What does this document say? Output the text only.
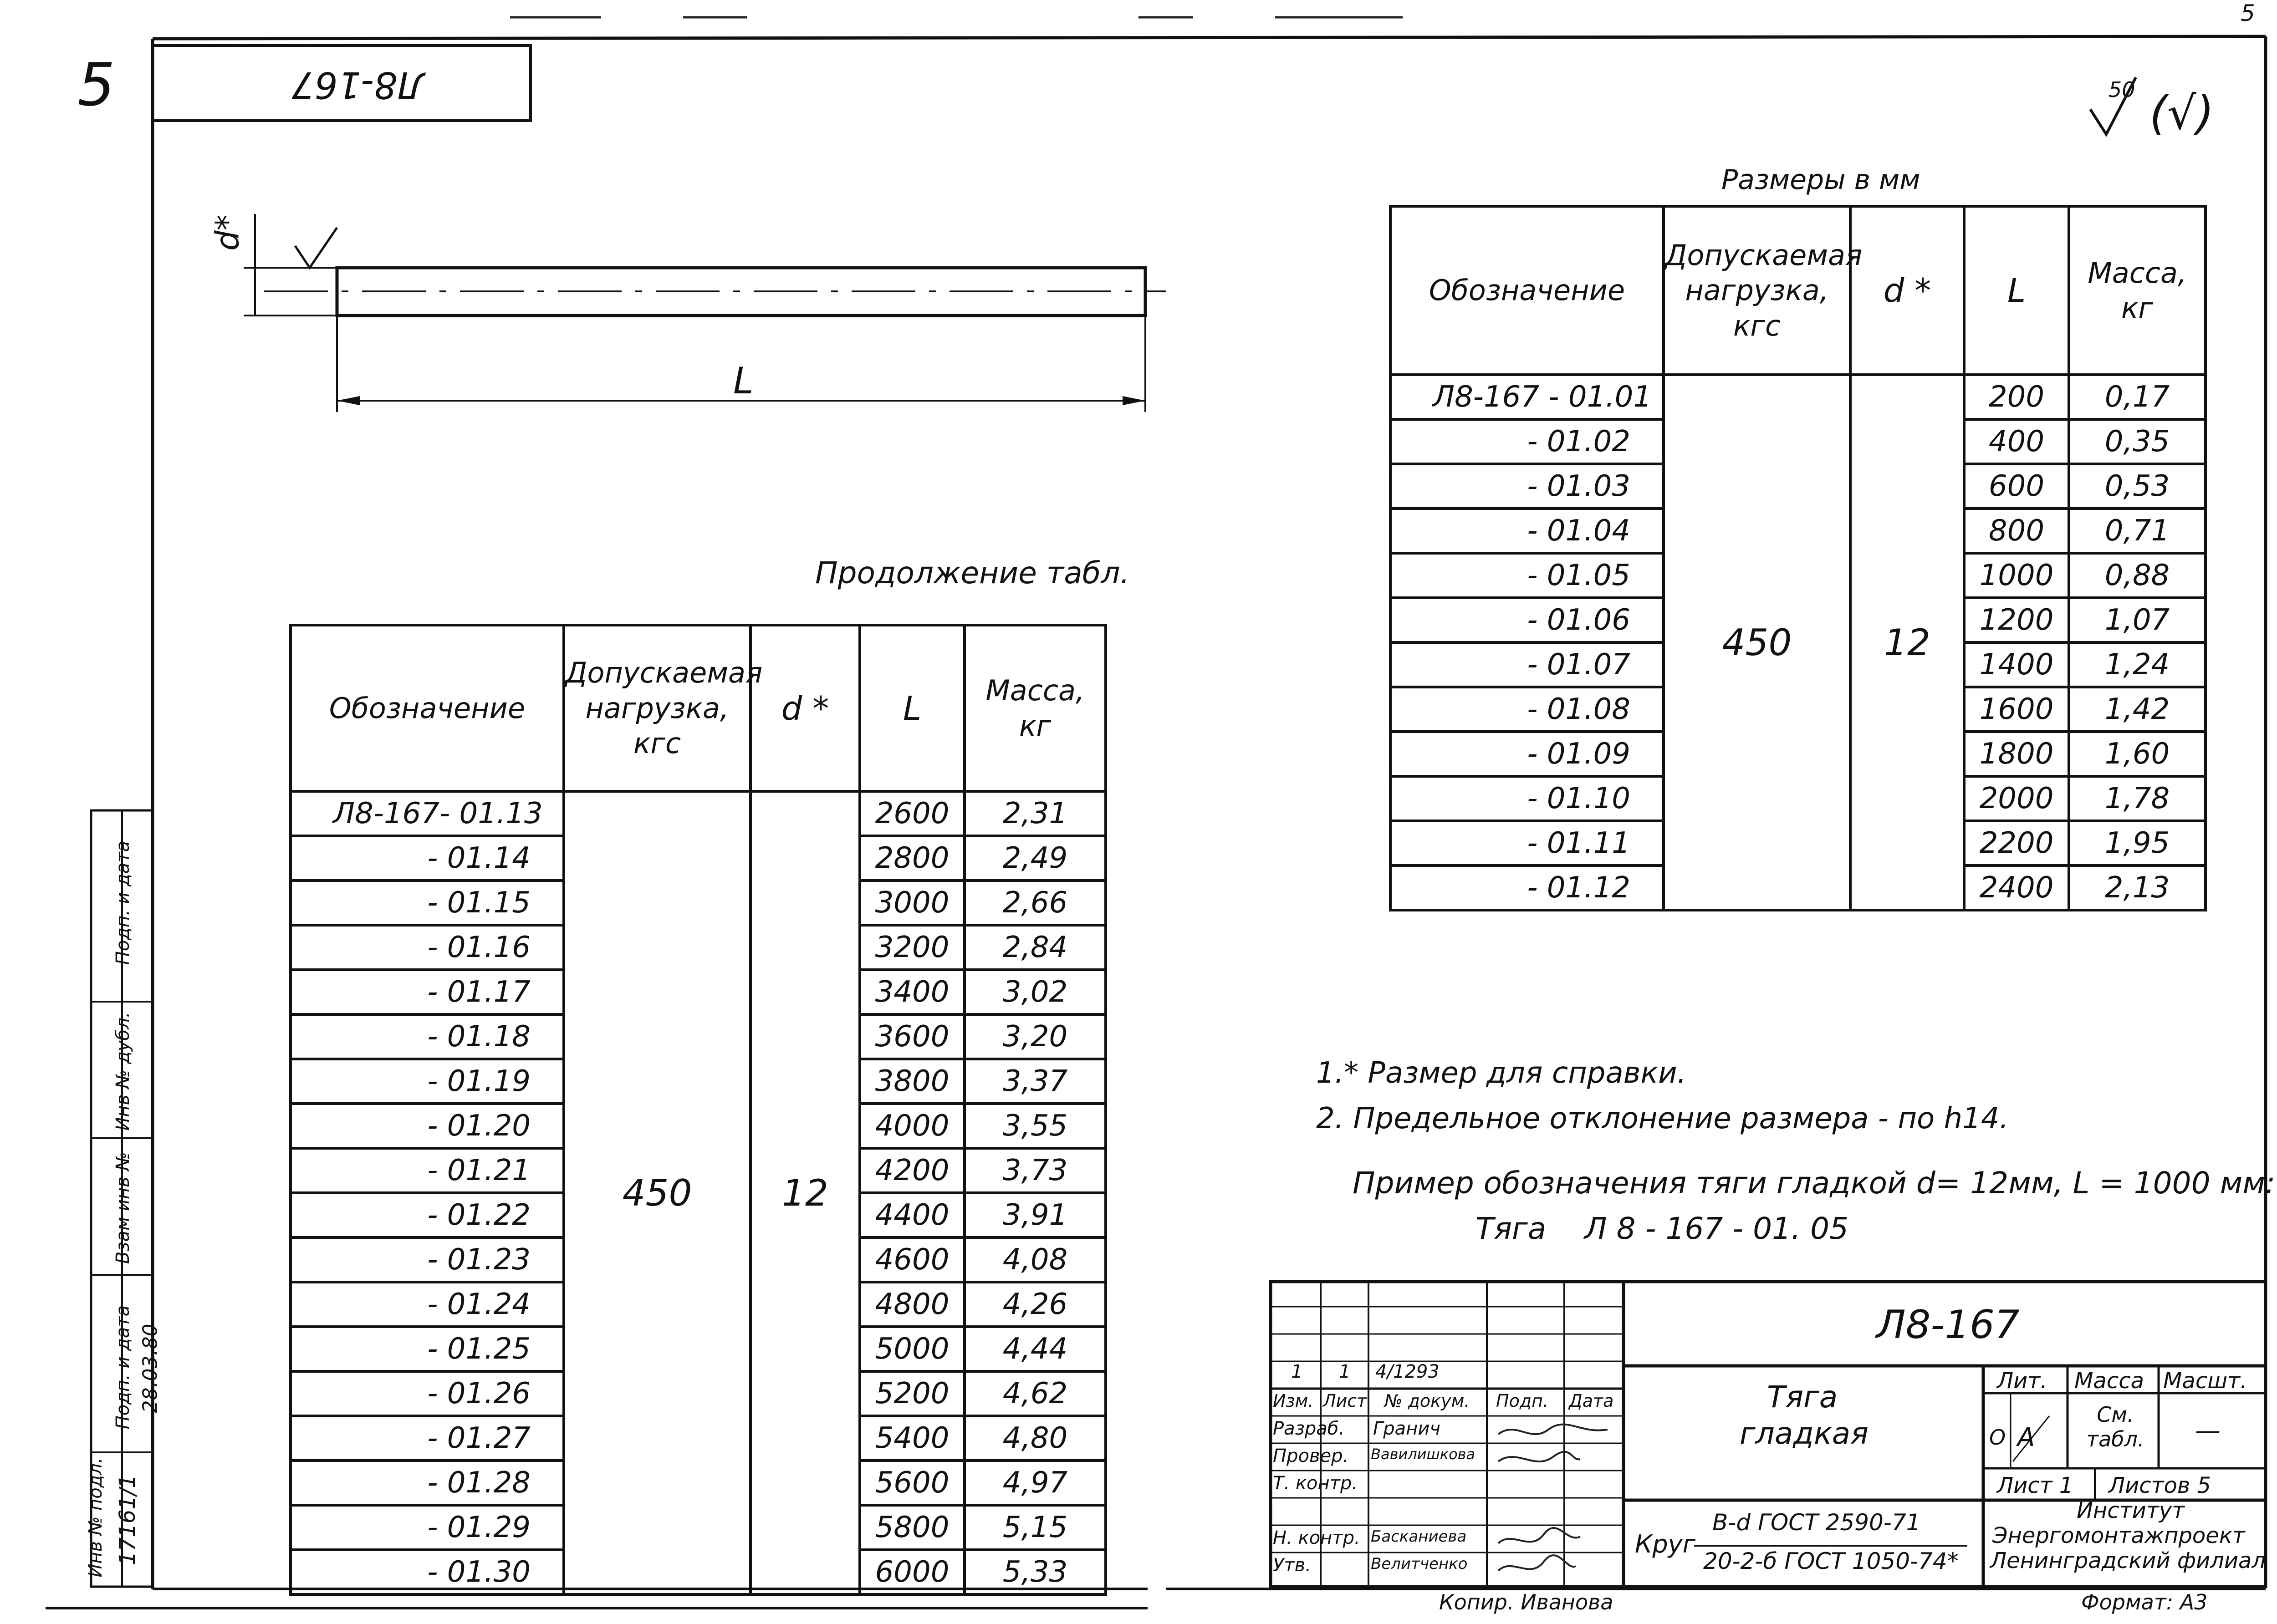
5
5
Л8-167	50 (√)
d*
L
Размеры в мм
Обозначение	Допускаемая нагрузка, кгс	d *	L	Масса, кг
Л8-167 - 01.01	450	12	200	0,17
- 01.02			400	0,35
- 01.03			600	0,53
- 01.04			800	0,71
- 01.05			1000	0,88
- 01.06			1200	1,07
- 01.07			1400	1,24
- 01.08			1600	1,42
- 01.09			1800	1,60
- 01.10			2000	1,78
- 01.11			2200	1,95
- 01.12			2400	2,13
Продолжение табл.
Обозначение	Допускаемая нагрузка, кгс	d *	L	Масса, кг
Л8-167- 01.13	450	12	2600	2,31
- 01.14			2800	2,49
- 01.15			3000	2,66
- 01.16			3200	2,84
- 01.17			3400	3,02
- 01.18			3600	3,20
- 01.19			3800	3,37
- 01.20			4000	3,55
- 01.21			4200	3,73
- 01.22			4400	3,91
- 01.23			4600	4,08
- 01.24			4800	4,26
- 01.25			5000	4,44
- 01.26			5200	4,62
- 01.27			5400	4,80
- 01.28			5600	4,97
- 01.29			5800	5,15
- 01.30			6000	5,33
1.* Размер для справки.
2. Предельное отклонение размера - по h14.
Пример обозначения тяги гладкой d= 12мм, L = 1000 мм:
Тяга    Л 8 - 167 - 01. 05
Подп. и дата
Инв № дубл.
Взам инв №
Подп. и дата
Инв № подл.
28.03.80
17161/1
Л8-167
Тяга
гладкая
Круг
В-d ГОСТ 2590-71
20-2-б ГОСТ 1050-74*
Лит. Масса Масшт.
О А
См. табл.	—
Лист 1 Листов 5
Институт
Энергомонтажпроект
Ленинградский филиал
1 1 4/1293
Изм. Лист № докум. Подп. Дата
Разраб.
Провер.
Т. контр.
Н. контр.
Утв.
Гранич
Вавилишкова
Басканиева
Велитченко
Копир. Иванова	Формат: А3
